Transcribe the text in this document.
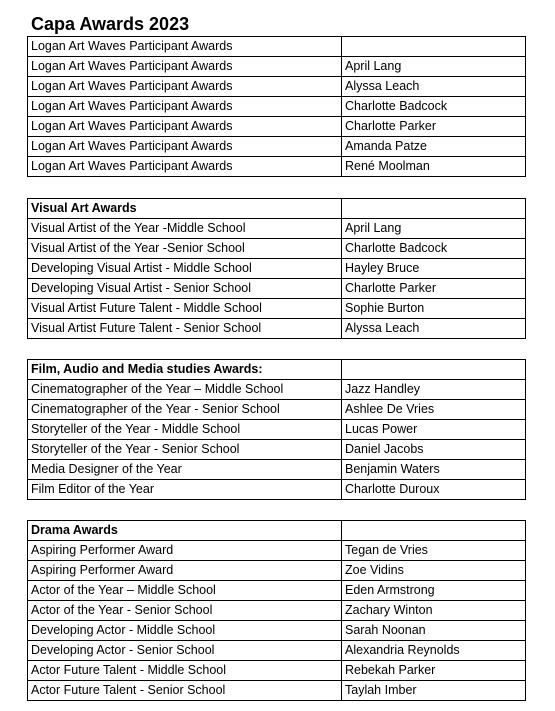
Capa Awards 2023
Logan Art Waves Participant Awards	
Logan Art Waves Participant Awards	April Lang
Logan Art Waves Participant Awards	Alyssa Leach
Logan Art Waves Participant Awards	Charlotte Badcock
Logan Art Waves Participant Awards	Charlotte Parker
Logan Art Waves Participant Awards	Amanda Patze
Logan Art Waves Participant Awards	René Moolman
Visual Art Awards	
Visual Artist of the Year -Middle School	April Lang
Visual Artist of the Year -Senior School	Charlotte Badcock
Developing Visual Artist - Middle School	Hayley Bruce
Developing Visual Artist - Senior School	Charlotte Parker
Visual Artist Future Talent - Middle School	Sophie Burton
Visual Artist Future Talent - Senior School	Alyssa Leach
Film, Audio and Media studies Awards:	
Cinematographer of the Year – Middle School	Jazz Handley
Cinematographer of the Year - Senior School	Ashlee De Vries
Storyteller of the Year - Middle School	Lucas Power
Storyteller of the Year - Senior School	Daniel Jacobs
Media Designer of the Year	Benjamin Waters
Film Editor of the Year	Charlotte Duroux
Drama Awards	
Aspiring Performer Award	Tegan de Vries
Aspiring Performer Award	Zoe Vidins
Actor of the Year – Middle School	Eden Armstrong
Actor of the Year - Senior School	Zachary Winton
Developing Actor - Middle School	Sarah Noonan
Developing Actor - Senior School	Alexandria Reynolds
Actor Future Talent - Middle School	Rebekah Parker
Actor Future Talent - Senior School	Taylah Imber
